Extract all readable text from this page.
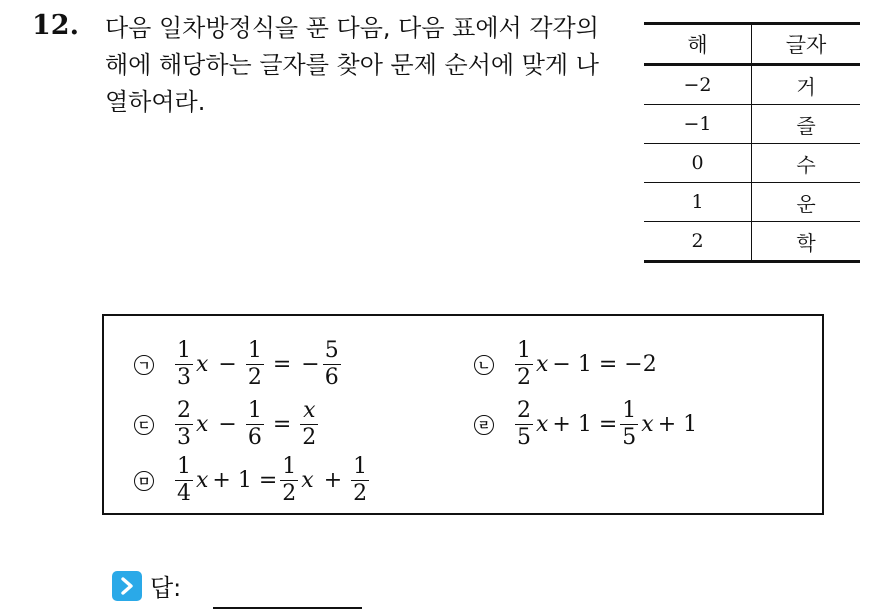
12. 다음 일차방정식을 푼 다음, 다음 표에서 각각의 해에 해당하는 글자를 찾아 문제 순서에 맞게 나열하여라.
해	글자
−2	거
−1	즐
0	수
1	운
2	학
ㄱ $\frac{1}{3}$ $x - \frac{1}{2}$ = − $\frac{5}{6}$	ㄴ $\frac{1}{2}$ x − 1 = −2
ㄷ $\frac{2}{3}$ $x - \frac{1}{6} = \frac{x}{2}$	ㄹ $\frac{2}{5}$ $x + 1 = \frac{1}{5}$ x + 1
ㅁ $\frac{1}{4}$ $x + 1 = \frac{1}{2}$ $x + \frac{1}{2}$
답:
